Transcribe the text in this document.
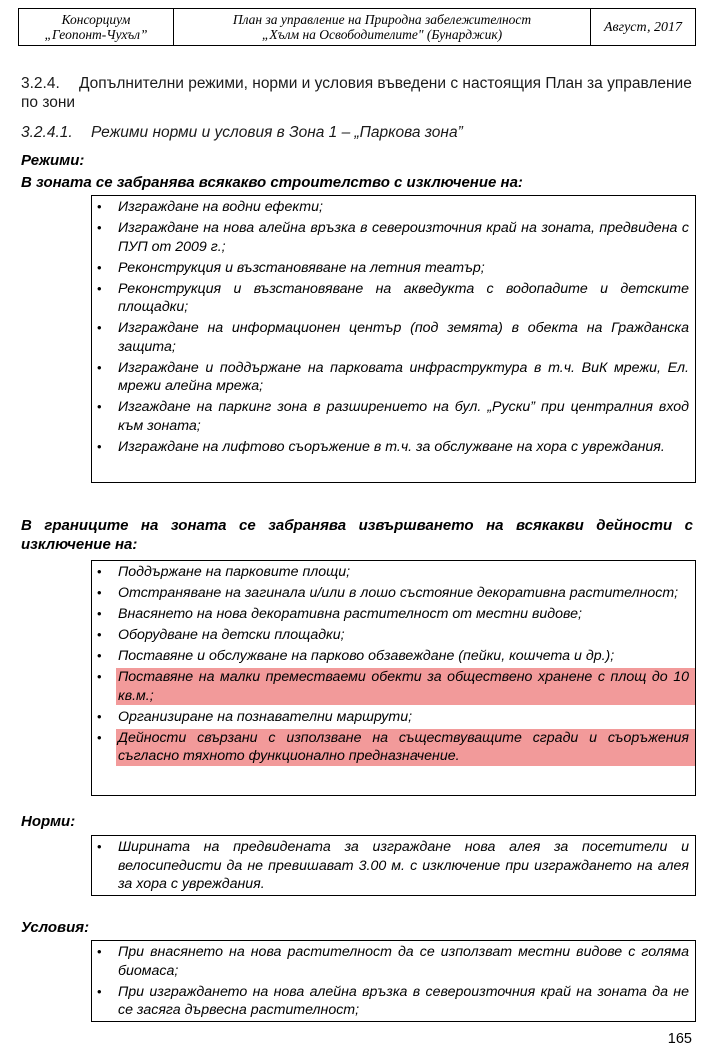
Консорциум
„Геопонт-Чухъл”
План за управление на Природна забележителност
„Хълм на Освободителите" (Бунарджик)	Август, 2017
3.2.4. Допълнителни режими, норми и условия въведени с настоящия План за управление по зони
3.2.4.1. Режими норми и условия в Зона 1 – „Паркова зона”
Режими:
В зоната се забранява всякакво строителство с изключение на:
• Изграждане на водни ефекти;
• Изграждане на нова алейна връзка в североизточния край на зоната, предвидена с ПУП от 2009 г.;
• Реконструкция и възстановяване на летния театър;
• Реконструкция и възстановяване на акведукта с водопадите и детските площадки;
• Изграждане на информационен център (под земята) в обекта на Гражданска защита;
• Изграждане и поддържане на парковата инфраструктура в т.ч. ВиК мрежи, Ел. мрежи алейна мрежа;
• Изгаждане на паркинг зона в разширението на бул. „Руски” при централния вход към зоната;
• Изграждане на лифтово съоръжение в т.ч. за обслужване на хора с увреждания.
В границите на зоната се забранява извършването на всякакви дейности с изключение на:
• Поддържане на парковите площи;
• Отстраняване на загинала и/или в лошо състояние декоративна растителност;
• Внасянето на нова декоративна растителност от местни видове;
• Оборудване на детски площадки;
• Поставяне и обслужване на парково обзавеждане (пейки, кошчета и др.);
• Поставяне на малки преместваеми обекти за обществено хранене с площ до 10 кв.м.;
• Организиране на познавателни маршрути;
• Дейности свързани с използване на съществуващите сгради и съоръжения съгласно тяхното функционално предназначение.
Норми:
• Ширината на предвиденатa за изграждане нова алея за посетители и велосипедисти да не превишават 3.00 м. с изключение при изграждането на алея за хора с увреждания.
Условия:
• При внасянето на нова растителност да се използват местни видове с голяма биомаса;
• При изграждането на нова алейна връзка в североизточния край на зоната да не се засяга дървесна растителност;
165
